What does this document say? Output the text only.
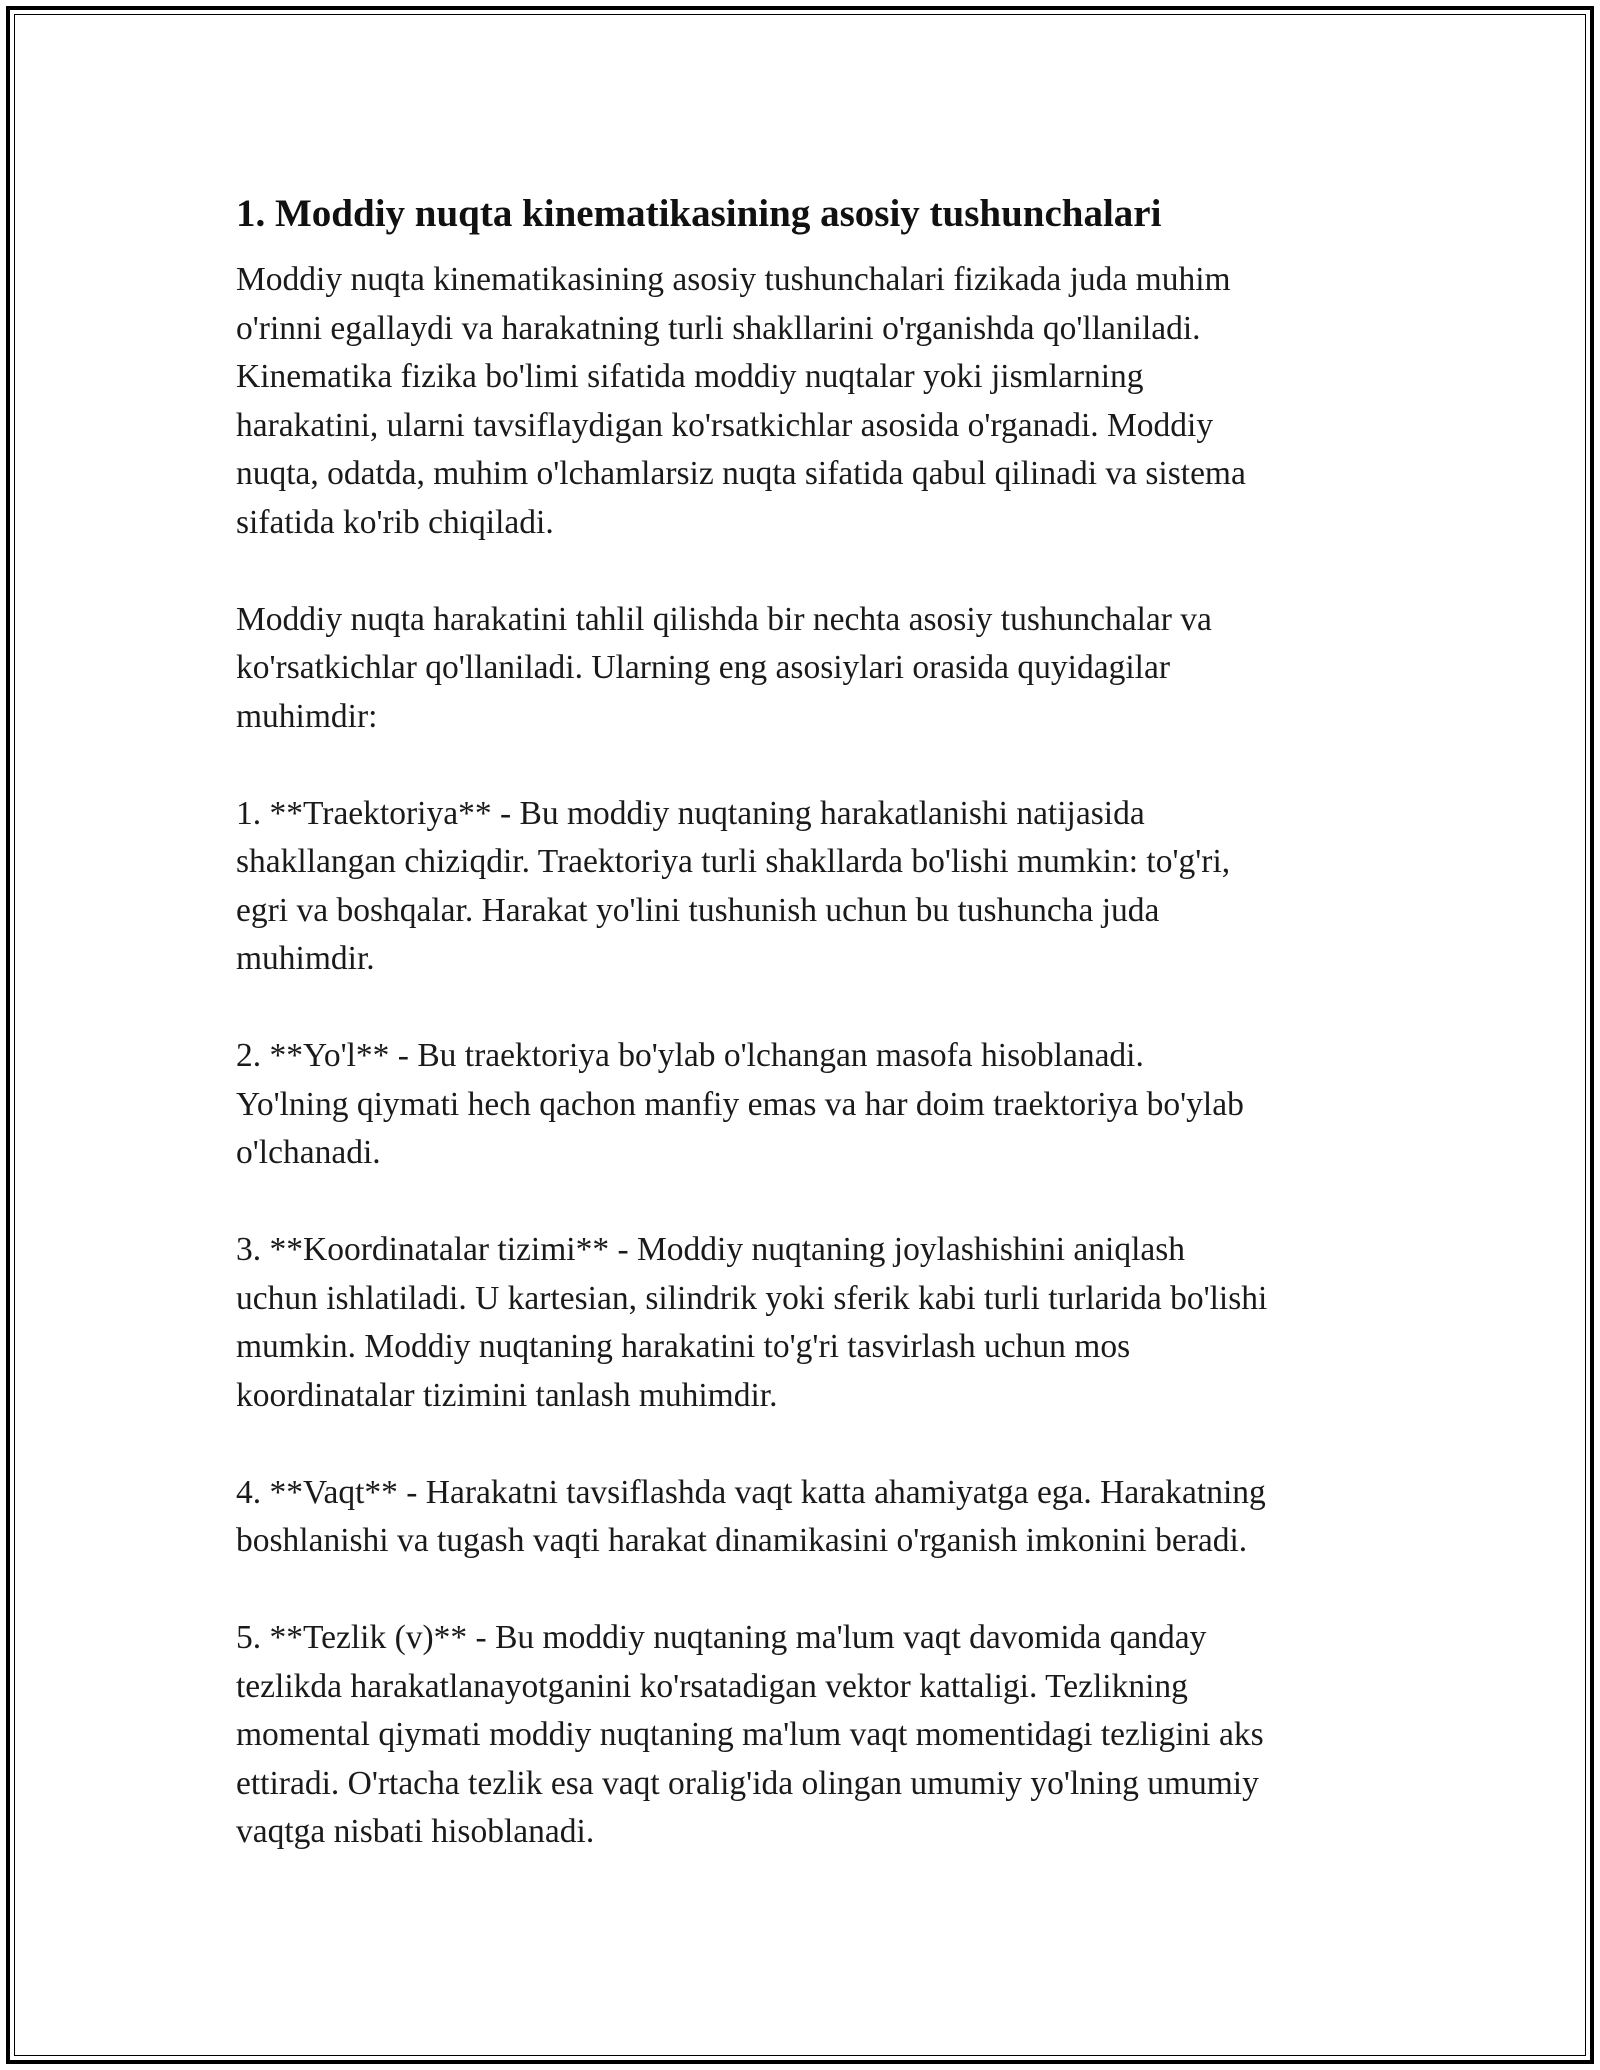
1. Moddiy nuqta kinematikasining asosiy tushunchalari

Moddiy nuqta kinematikasining asosiy tushunchalari fizikada juda muhim
o'rinni egallaydi va harakatning turli shakllarini o'rganishda qo'llaniladi.
Kinematika fizika bo'limi sifatida moddiy nuqtalar yoki jismlarning
harakatini, ularni tavsiflaydigan ko'rsatkichlar asosida o'rganadi. Moddiy
nuqta, odatda, muhim o'lchamlarsiz nuqta sifatida qabul qilinadi va sistema
sifatida ko'rib chiqiladi.

Moddiy nuqta harakatini tahlil qilishda bir nechta asosiy tushunchalar va
ko'rsatkichlar qo'llaniladi. Ularning eng asosiylari orasida quyidagilar
muhimdir:

1. **Traektoriya** - Bu moddiy nuqtaning harakatlanishi natijasida
shakllangan chiziqdir. Traektoriya turli shakllarda bo'lishi mumkin: to'g'ri,
egri va boshqalar. Harakat yo'lini tushunish uchun bu tushuncha juda
muhimdir.

2. **Yo'l** - Bu traektoriya bo'ylab o'lchangan masofa hisoblanadi.
Yo'lning qiymati hech qachon manfiy emas va har doim traektoriya bo'ylab
o'lchanadi.

3. **Koordinatalar tizimi** - Moddiy nuqtaning joylashishini aniqlash
uchun ishlatiladi. U kartesian, silindrik yoki sferik kabi turli turlarida bo'lishi
mumkin. Moddiy nuqtaning harakatini to'g'ri tasvirlash uchun mos
koordinatalar tizimini tanlash muhimdir.

4. **Vaqt** - Harakatni tavsiflashda vaqt katta ahamiyatga ega. Harakatning
boshlanishi va tugash vaqti harakat dinamikasini o'rganish imkonini beradi.

5. **Tezlik (v)** - Bu moddiy nuqtaning ma'lum vaqt davomida qanday
tezlikda harakatlanayotganini ko'rsatadigan vektor kattaligi. Tezlikning
momental qiymati moddiy nuqtaning ma'lum vaqt momentidagi tezligini aks
ettiradi. O'rtacha tezlik esa vaqt oralig'ida olingan umumiy yo'lning umumiy
vaqtga nisbati hisoblanadi.
